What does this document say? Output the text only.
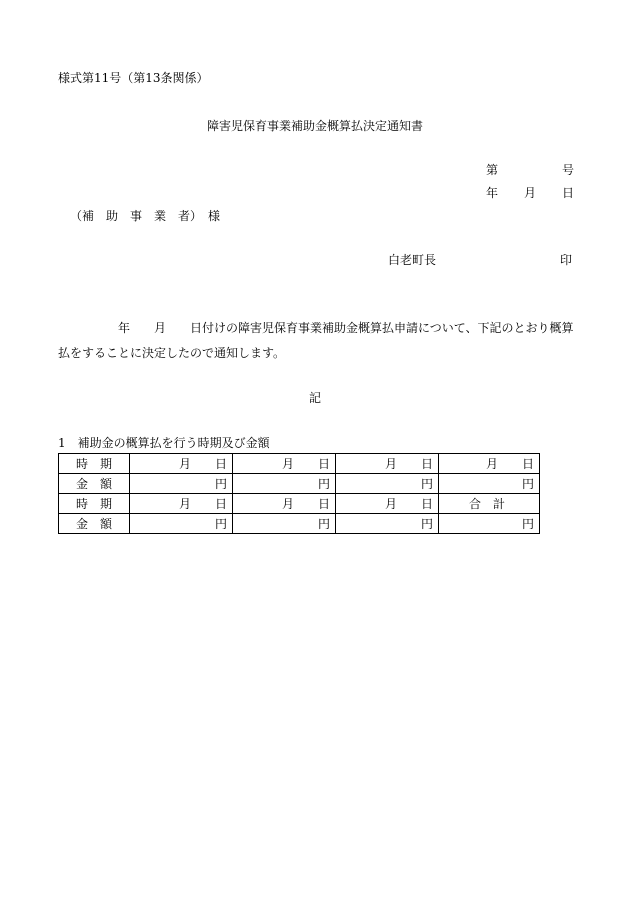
様式第11号（第13条関係）
障害児保育事業補助金概算払決定通知書
第	号
年 月 日
（補　助　事　業　者）　様
白老町長	印
年　　月　　日付けの障害児保育事業補助金概算払申請について、下記のとおり概算
払をすることに決定したので通知します。
記
1　補助金の概算払を行う時期及び金額
時　期	月　　日	月　　日	月　　日	月　　日
金　額	円	円	円	円
時　期	月　　日	月　　日	月　　日	合　計
金　額	円	円	円	円
